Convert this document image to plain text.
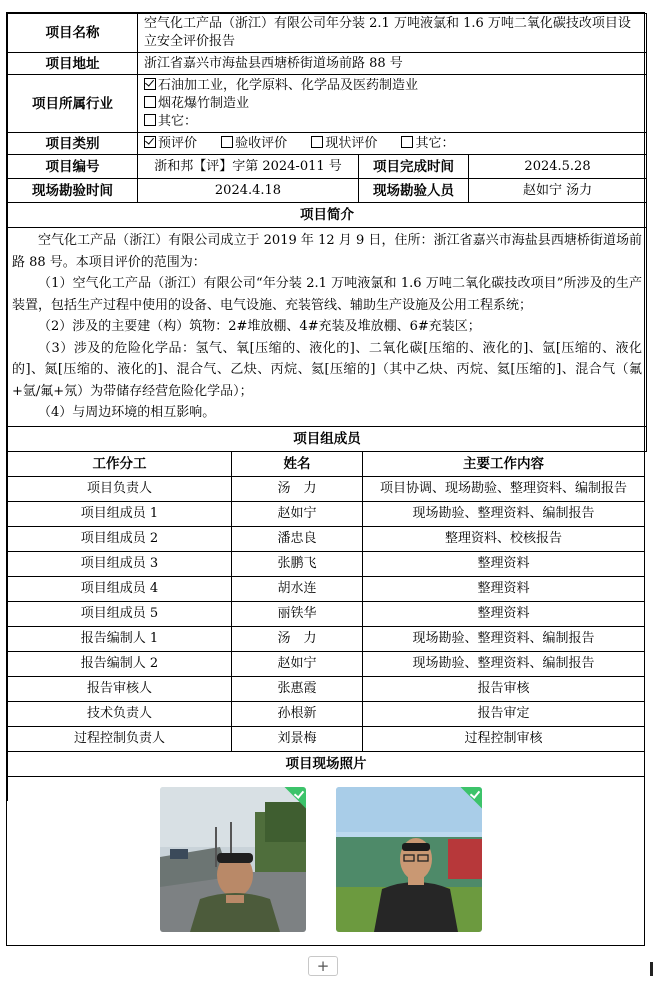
项目名称	空气化工产品（浙江）有限公司年分装 2.1 万吨液氯和 1.6 万吨二氧化碳技改项目设立安全评价报告		
项目地址	浙江省嘉兴市海盐县西塘桥街道场前路 88 号		
项目所属行业	石油加工业，化学原料、化学品及医药制造业
烟花爆竹制造业
其它：		

项目类别	预评价 验收评价 现状评价 其它：		
项目编号	浙和邦【评】字第 2024-011 号	项目完成时间	2024.5.28
现场勘验时间	2024.4.18	现场勘验人员	赵如宁 汤力
项目简介			

空气化工产品（浙江）有限公司成立于 2019 年 12 月 9 日，住所：浙江省嘉兴市海盐县西塘桥街道场前路 88 号。本项目评价的范围为：

（1）空气化工产品（浙江）有限公司“年分装 2.1 万吨液氯和 1.6 万吨二氧化碳技改项目”所涉及的生产装置，包括生产过程中使用的设备、电气设施、充装管线、辅助生产设施及公用工程系统；

（2）涉及的主要建（构）筑物：2#堆放棚、4#充装及堆放棚、6#充装区；

（3）涉及的危险化学品：氢气、氧[压缩的、液化的]、二氧化碳[压缩的、液化的]、氩[压缩的、液化的]、氮[压缩的、液化的]、混合气、乙炔、丙烷、氦[压缩的]（其中乙炔、丙烷、氦[压缩的]、混合气（氟+氩/氟+氖）为带储存经营危险化学品）；

（4）与周边环境的相互影响。			

项目组成员			
工作分工	姓名	主要工作内容
项目负责人	汤　力	项目协调、现场勘验、整理资料、编制报告
项目组成员 1	赵如宁	现场勘验、整理资料、编制报告
项目组成员 2	潘忠良	整理资料、校核报告
项目组成员 3	张鹏飞	整理资料
项目组成员 4	胡水连	整理资料
项目组成员 5	丽铁华	整理资料
报告编制人 1	汤　力	现场勘验、整理资料、编制报告
报告编制人 2	赵如宁	现场勘验、整理资料、编制报告
报告审核人	张惠霞	报告审核
技术负责人	孙根新	报告审定
过程控制负责人	刘景梅	过程控制审核
项目现场照片		

+
